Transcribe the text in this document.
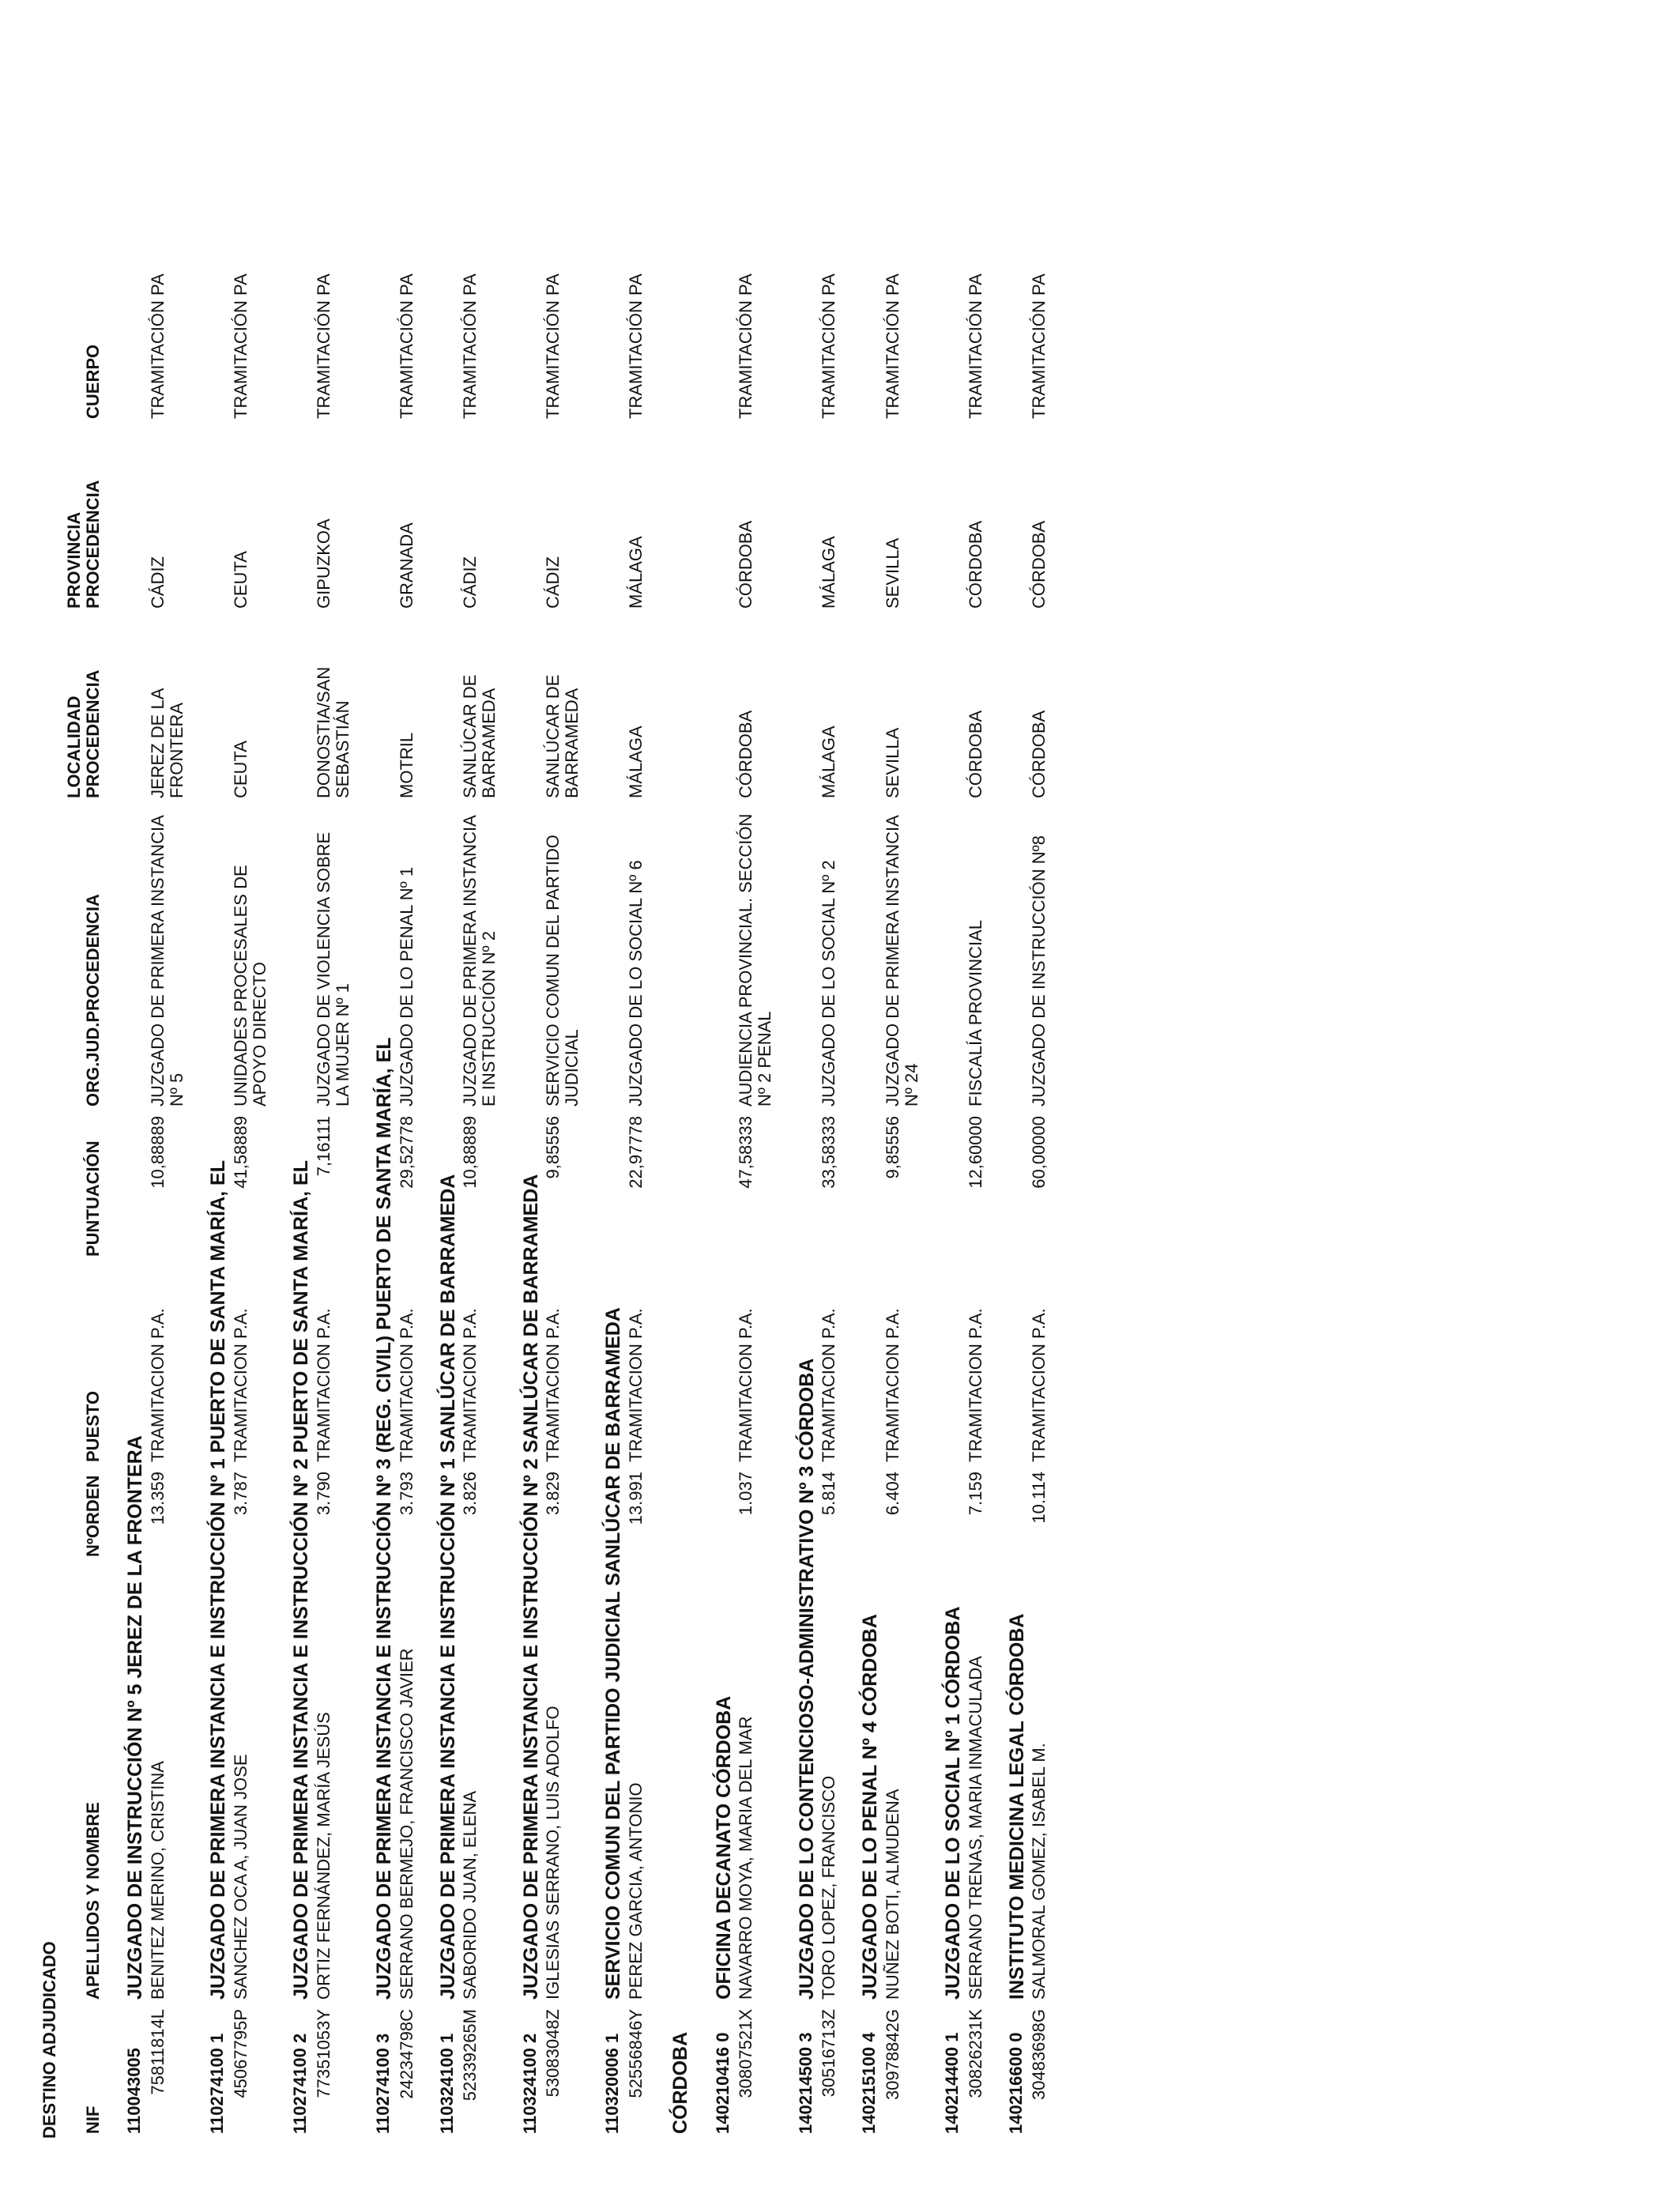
DESTINO ADJUDICADO NIF	APELLIDOS Y NOMBRE	NºORDEN	PUESTO	PUNTUACIÓN	ORG.JUD.PROCEDENCIA	LOCALIDAD PROCEDENCIA	PROVINCIA PROCEDENCIA	CUERPO
110043005	JUZGADO DE INSTRUCCIÓN Nº 5 JEREZ DE LA FRONTERA							
75811814L	BENITEZ MERINO, CRISTINA	13.359	TRAMITACION P.A.	10,88889	JUZGADO DE PRIMERA INSTANCIA Nº 5	JEREZ DE LA FRONTERA	CÁDIZ	TRAMITACIÓN PA
110274100 1	JUZGADO DE PRIMERA INSTANCIA E INSTRUCCIÓN Nº 1 PUERTO DE SANTA MARÍA, EL							
45067795P	SANCHEZ OCA A, JUAN JOSE	3.787	TRAMITACION P.A.	41,58889	UNIDADES PROCESALES DE APOYO DIRECTO	CEUTA	CEUTA	TRAMITACIÓN PA
110274100 2	JUZGADO DE PRIMERA INSTANCIA E INSTRUCCIÓN Nº 2 PUERTO DE SANTA MARÍA, EL							
77351053Y	ORTIZ FERNÁNDEZ, MARÍA JESÚS	3.790	TRAMITACION P.A.	7,16111	JUZGADO DE VIOLENCIA SOBRE LA MUJER Nº 1	DONOSTIA/SAN SEBASTIÁN	GIPUZKOA	TRAMITACIÓN PA
110274100 3	JUZGADO DE PRIMERA INSTANCIA E INSTRUCCIÓN Nº 3 (REG. CIVIL) PUERTO DE SANTA MARÍA, EL							
24234798C	SERRANO BERMEJO, FRANCISCO JAVIER	3.793	TRAMITACION P.A.	29,52778	JUZGADO DE LO PENAL Nº 1	MOTRIL	GRANADA	TRAMITACIÓN PA
110324100 1	JUZGADO DE PRIMERA INSTANCIA E INSTRUCCIÓN Nº 1 SANLÚCAR DE BARRAMEDA							
52339265M	SABORIDO JUAN, ELENA	3.826	TRAMITACION P.A.	10,88889	JUZGADO DE PRIMERA INSTANCIA E INSTRUCCIÓN Nº 2	SANLÚCAR DE BARRAMEDA	CÁDIZ	TRAMITACIÓN PA
110324100 2	JUZGADO DE PRIMERA INSTANCIA E INSTRUCCIÓN Nº 2 SANLÚCAR DE BARRAMEDA							
53083048Z	IGLESIAS SERRANO, LUIS ADOLFO	3.829	TRAMITACION P.A.	9,85556	SERVICIO COMUN DEL PARTIDO JUDICIAL	SANLÚCAR DE BARRAMEDA	CÁDIZ	TRAMITACIÓN PA
110320006 1	SERVICIO COMUN DEL PARTIDO JUDICIAL SANLÚCAR DE BARRAMEDA							
52556846Y	PEREZ GARCIA, ANTONIO	13.991	TRAMITACION P.A.	22,97778	JUZGADO DE LO SOCIAL Nº 6	MÁLAGA	MÁLAGA	TRAMITACIÓN PA
CÓRDOBA								
140210416 0	OFICINA DECANATO CÓRDOBA							
30807521X	NAVARRO MOYA, MARIA DEL MAR	1.037	TRAMITACION P.A.	47,58333	AUDIENCIA PROVINCIAL. SECCIÓN Nº 2 PENAL	CÓRDOBA	CÓRDOBA	TRAMITACIÓN PA
140214500 3	JUZGADO DE LO CONTENCIOSO-ADMINISTRATIVO Nº 3 CÓRDOBA							
30516713Z	TORO LOPEZ, FRANCISCO	5.814	TRAMITACION P.A.	33,58333	JUZGADO DE LO SOCIAL Nº 2	MÁLAGA	MÁLAGA	TRAMITACIÓN PA
140215100 4	JUZGADO DE LO PENAL Nº 4 CÓRDOBA							
30978842G	NUÑEZ BOTI, ALMUDENA	6.404	TRAMITACION P.A.	9,85556	JUZGADO DE PRIMERA INSTANCIA Nº 24	SEVILLA	SEVILLA	TRAMITACIÓN PA
140214400 1	JUZGADO DE LO SOCIAL Nº 1 CÓRDOBA							
30826231K	SERRANO TRENAS, MARIA INMACULADA	7.159	TRAMITACION P.A.	12,60000	FISCALÍA PROVINCIAL	CÓRDOBA	CÓRDOBA	TRAMITACIÓN PA
140216600 0	INSTITUTO MEDICINA LEGAL CÓRDOBA							
30483698G	SALMORAL GOMEZ, ISABEL M.	10.114	TRAMITACION P.A.	60,00000	JUZGADO DE INSTRUCCIÓN Nº8	CÓRDOBA	CÓRDOBA	TRAMITACIÓN PA
